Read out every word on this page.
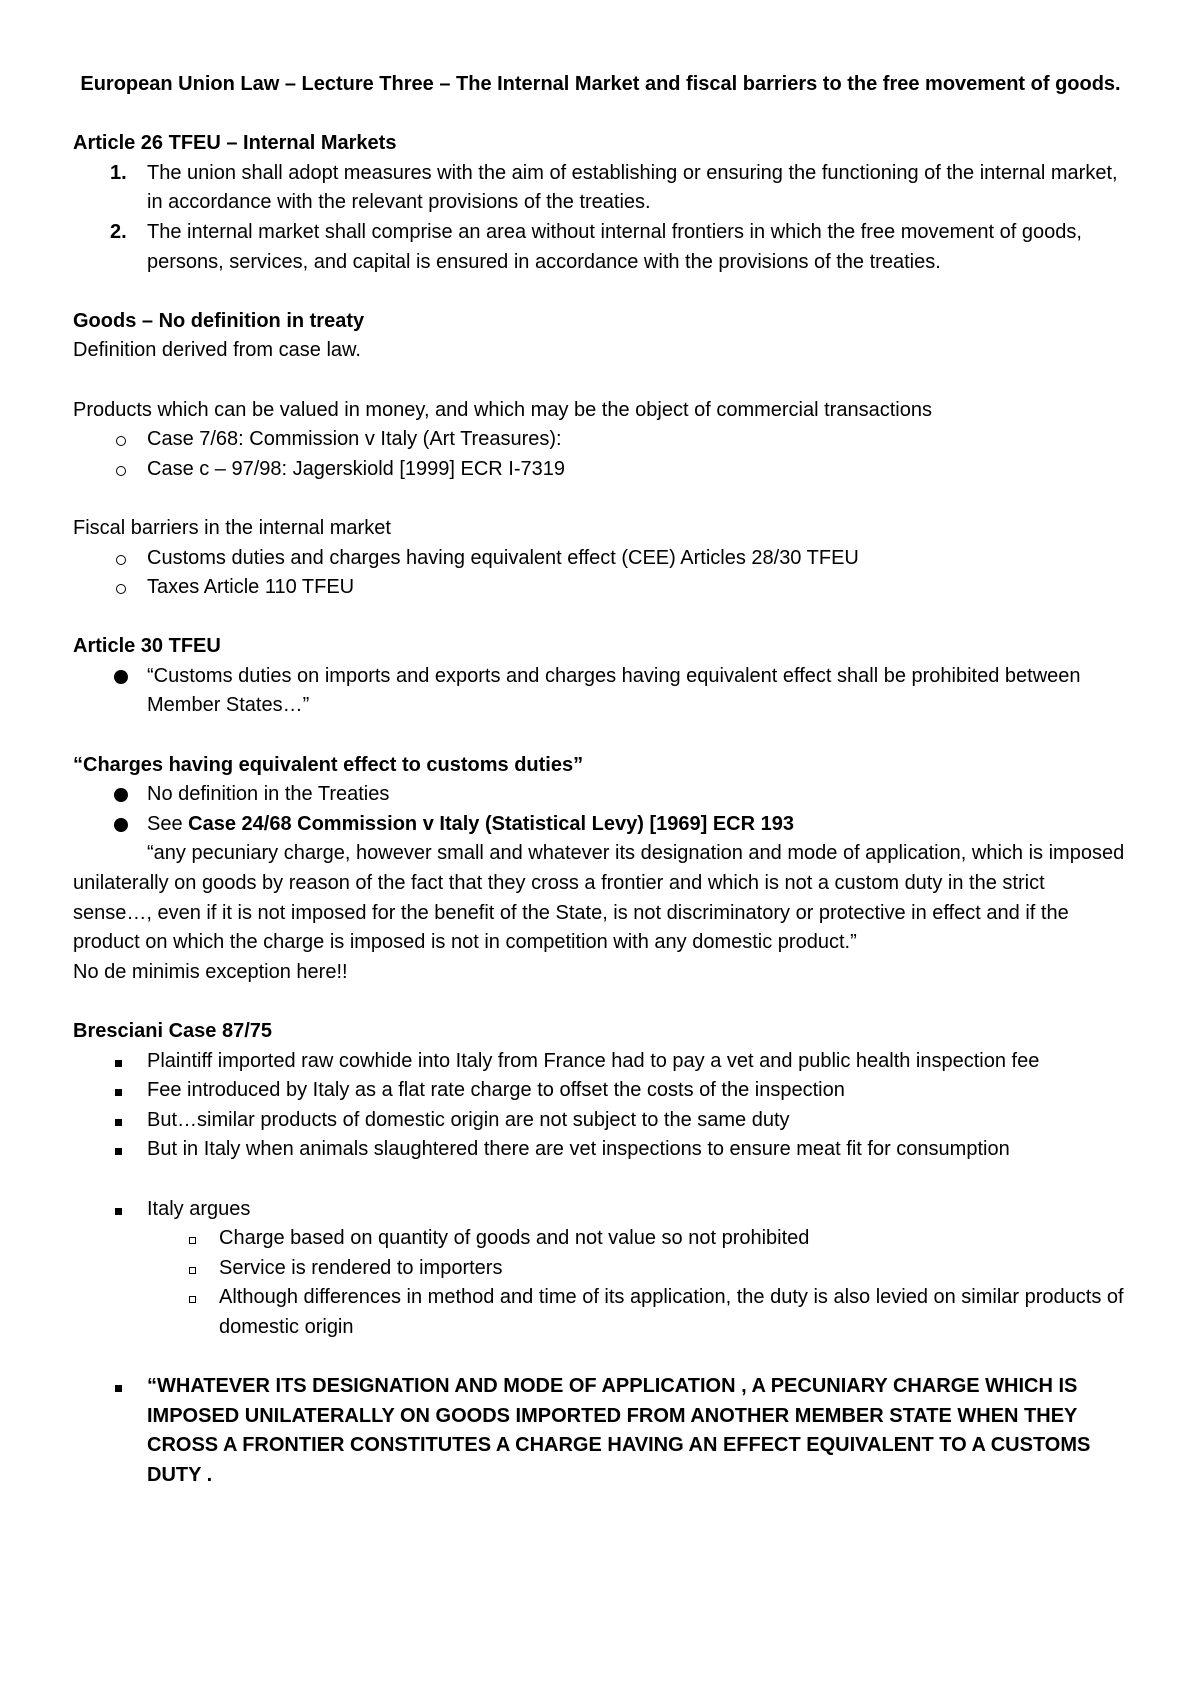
European Union Law – Lecture Three – The Internal Market and fiscal barriers to the free movement of goods.

Article 26 TFEU – Internal Markets

1.	The union shall adopt measures with the aim of establishing or ensuring the functioning of the internal market, in accordance with the relevant provisions of the treaties.
2.	The internal market shall comprise an area without internal frontiers in which the free movement of goods, persons, services, and capital is ensured in accordance with the provisions of the treaties.

Goods – No definition in treaty

Definition derived from case law.

Products which can be valued in money, and which may be the object of commercial transactions

Case 7/68: Commission v Italy (Art Treasures):
Case c – 97/98: Jagerskiold [1999] ECR I-7319

Fiscal barriers in the internal market

Customs duties and charges having equivalent effect (CEE) Articles 28/30 TFEU
Taxes Article 110 TFEU

Article 30 TFEU

“Customs duties on imports and exports and charges having equivalent effect shall be prohibited between Member States…”

“Charges having equivalent effect to customs duties”

No definition in the Treaties
See Case 24/68 Commission v Italy (Statistical Levy) [1969] ECR 193

“any pecuniary charge, however small and whatever its designation and mode of application, which is imposed unilaterally on goods by reason of the fact that they cross a frontier and which is not a custom duty in the strict sense…, even if it is not imposed for the benefit of the State, is not discriminatory or protective in effect and if the product on which the charge is imposed is not in competition with any domestic product.”

No de minimis exception here!!

Bresciani Case 87/75

Plaintiff imported raw cowhide into Italy from France had to pay a vet and public health inspection fee
Fee introduced by Italy as a flat rate charge to offset the costs of the inspection
But…similar products of domestic origin are not subject to the same duty
But in Italy when animals slaughtered there are vet inspections to ensure meat fit for consumption
Italy argues
Charge based on quantity of goods and not value so not prohibited
Service is rendered to importers
Although differences in method and time of its application, the duty is also levied on similar products of domestic origin
“WHATEVER ITS DESIGNATION AND MODE OF APPLICATION , A PECUNIARY CHARGE WHICH IS IMPOSED UNILATERALLY ON GOODS IMPORTED FROM ANOTHER MEMBER STATE WHEN THEY CROSS A FRONTIER CONSTITUTES A CHARGE HAVING AN EFFECT EQUIVALENT TO A CUSTOMS DUTY .
